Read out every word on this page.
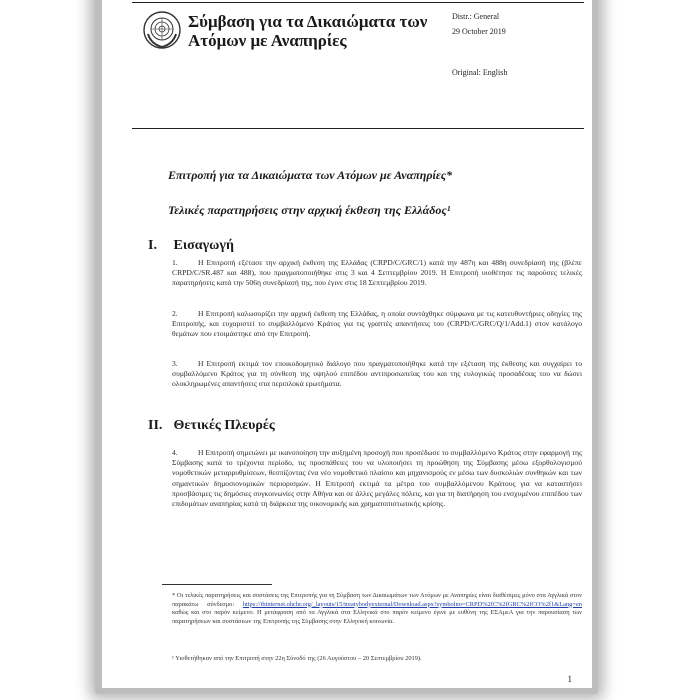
Σύμβαση για τα Δικαιώματα των
Ατόμων με Αναπηρίες
Distr.: General
29 October 2019
Original: English
Επιτροπή για τα Δικαιώματα των Ατόμων με Αναπηρίες*
Τελικές παρατηρήσεις στην αρχική έκθεση της Ελλάδος¹
I. Εισαγωγή
1.	Η Επιτροπή εξέτασε την αρχική έκθεση της Ελλάδας (CRPD/C/GRC/1) κατά την 487η και 488η συνεδρίασή της (βλέπε CRPD/C/SR.487 και 488), που πραγματοποιήθηκε στις 3 και 4 Σεπτεμβρίου 2019. Η Επιτροπή υιοθέτησε τις παρούσες τελικές παρατηρήσεις κατά την 506η συνεδρίασή της, που έγινε στις 18 Σεπτεμβρίου 2019.
2.	Η Επιτροπή καλωσορίζει την αρχική έκθεση της Ελλάδας, η οποία συντάχθηκε σύμφωνα με τις κατευθυντήριες οδηγίες της Επιτροπής, και ευχαριστεί το συμβαλλόμενο Κράτος για τις γραπτές απαντήσεις του (CRPD/C/GRC/Q/1/Add.1) στον κατάλογο θεμάτων που ετοιμάστηκε από την Επιτροπή.
3.	Η Επιτροπή εκτιμά τον εποικοδομητικό διάλογο που πραγματοποιήθηκε κατά την εξέταση της έκθεσης και συγχαίρει το συμβαλλόμενο Κράτος για τη σύνθεση της υψηλού επιπέδου αντιπροσωπείας του και της ευλογικώς προσαδέσας του να δώσει ολοκληρωμένες απαντήσεις στα περιπλοκά ερωτήματα.
II. Θετικές Πλευρές
4.	Η Επιτροπή σημειώνει με ικανοποίηση την αυξημένη προσοχή που προσέδωσε το συμβαλλόμενο Κράτος στην εφαρμογή της Σύμβασης κατά το τρέχοντα περίοδο, τις προσπάθειες του να υλοποιήσει τη προώθηση της Σύμβασης μέσω εξορθολογισμού νομοθετικών μεταρρυθμίσεων, θεσπίζοντας ένα νέο νομοθετικό πλαίσιο και μηχανισμούς εν μέσω των δυσκολιών συνθηκών και των σημαντικών δημοσιονομικών περιορισμών. Η Επιτροπή εκτιμά τα μέτρα του συμβαλλόμενου Κράτους για να καταστήσει προσβάσιμες τις δημόσιες συγκοινωνίες στην Αθήνα και σε άλλες μεγάλες πόλεις, και για τη διατήρηση του ενσχυμένου επιπέδου των επιδομάτων αναπηρίας κατά τη διάρκεια της οικονομικής και χρηματοπιστωτικής κρίσης.
* Οι τελικές παρατηρήσεις και συστάσεις της Επιτροπής για τη Σύμβαση των Δικαιωμάτων των Ατόμων με Αναπηρίες είναι διαθέσιμες μόνο στα Αγγλικά στον παρακάτω σύνδεσμο: https://tbinternet.ohchr.org/_layouts/15/treatybodyexternal/Download.aspx?symbolno=CRPD%2fC%2fGRC%2fCO%2f1&Lang=en καθώς και στο παρόν κείμενο. Η μετάφραση από τα Αγγλικά στα Ελληνικά στο παρόν κείμενο έγινε με ευθύνη της ΕΣΑμεΑ για την παρουσίαση των παρατηρήσεων και συστάσεων της Επιτροπής της Σύμβασης στην Ελληνική κοινωνία.
¹ Υιοθετήθηκαν από την Επιτροπή στην 22η Σύνοδό της (26 Αυγούστου – 20 Σεπτεμβρίου 2019).
1
